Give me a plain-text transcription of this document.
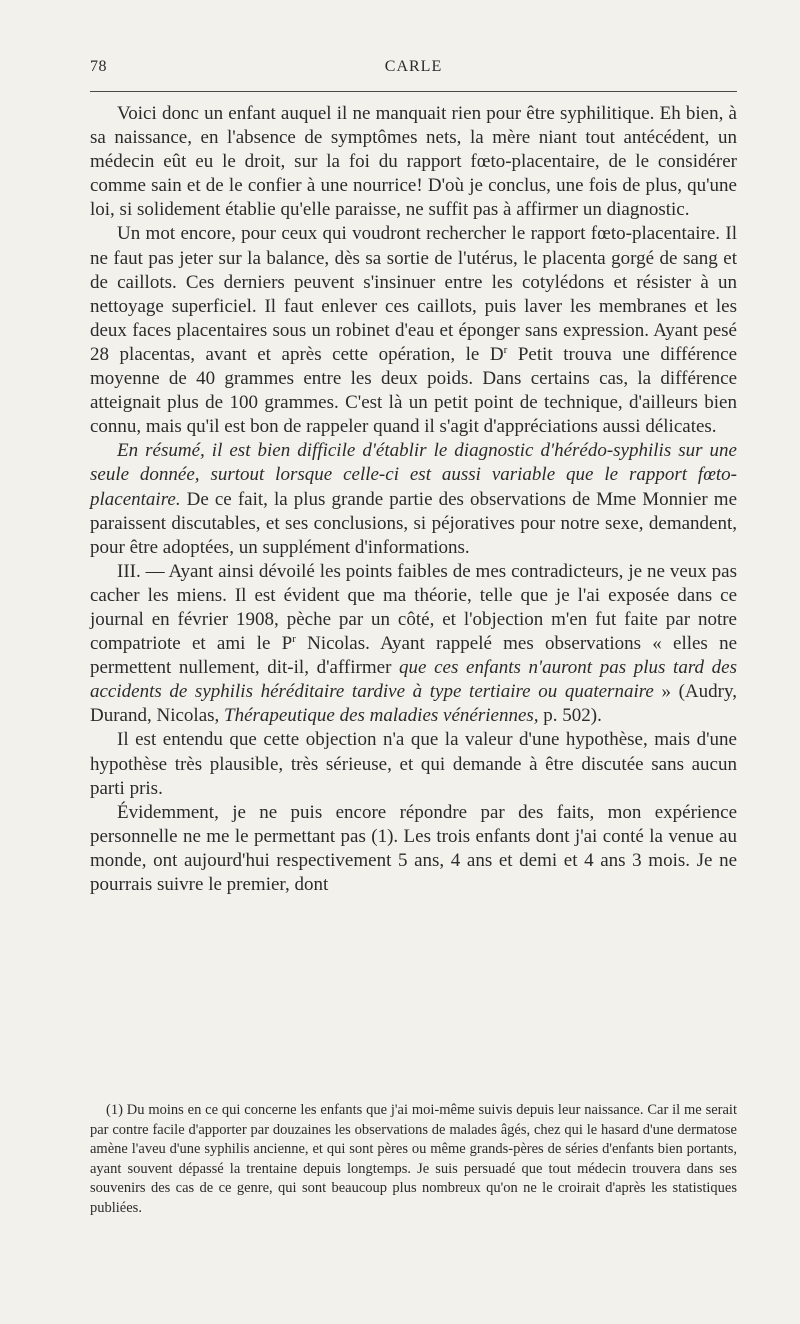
78	CARLE

Voici donc un enfant auquel il ne manquait rien pour être syphilitique. Eh bien, à sa naissance, en l'absence de symptômes nets, la mère niant tout antécédent, un médecin eût eu le droit, sur la foi du rapport fœto-placentaire, de le considérer comme sain et de le confier à une nourrice! D'où je conclus, une fois de plus, qu'une loi, si solidement établie qu'elle paraisse, ne suffit pas à affirmer un diagnostic.

Un mot encore, pour ceux qui voudront rechercher le rapport fœto-placentaire. Il ne faut pas jeter sur la balance, dès sa sortie de l'utérus, le placenta gorgé de sang et de caillots. Ces derniers peuvent s'insinuer entre les cotylédons et résister à un nettoyage superficiel. Il faut enlever ces caillots, puis laver les membranes et les deux faces placentaires sous un robinet d'eau et éponger sans expression. Ayant pesé 28 placentas, avant et après cette opération, le $D^r$ Petit trouva une différence moyenne de 40 grammes entre les deux poids. Dans certains cas, la différence atteignait plus de 100 grammes. C'est là un petit point de technique, d'ailleurs bien connu, mais qu'il est bon de rappeler quand il s'agit d'appréciations aussi délicates.

En résumé, il est bien difficile d'établir le diagnostic d'hérédo-syphilis sur une seule donnée, surtout lorsque celle-ci est aussi variable que le rapport fœto-placentaire. De ce fait, la plus grande partie des observations de Mme Monnier me paraissent discutables, et ses conclusions, si péjoratives pour notre sexe, demandent, pour être adoptées, un supplément d'informations.

III. — Ayant ainsi dévoilé les points faibles de mes contradicteurs, je ne veux pas cacher les miens. Il est évident que ma théorie, telle que je l'ai exposée dans ce journal en février 1908, pèche par un côté, et l'objection m'en fut faite par notre compatriote et ami le $P^r$ Nicolas. Ayant rappelé mes observations « elles ne permettent nullement, dit-il, d'affirmer que ces enfants n'auront pas plus tard des accidents de syphilis héréditaire tardive à type tertiaire ou quaternaire » (Audry, Durand, Nicolas, Thérapeutique des maladies vénériennes, p. 502).

Il est entendu que cette objection n'a que la valeur d'une hypothèse, mais d'une hypothèse très plausible, très sérieuse, et qui demande à être discutée sans aucun parti pris.

Évidemment, je ne puis encore répondre par des faits, mon expérience personnelle ne me le permettant pas (1). Les trois enfants dont j'ai conté la venue au monde, ont aujourd'hui respectivement 5 ans, 4 ans et demi et 4 ans 3 mois. Je ne pourrais suivre le premier, dont

(1) Du moins en ce qui concerne les enfants que j'ai moi-même suivis depuis leur naissance. Car il me serait par contre facile d'apporter par douzaines les observations de malades âgés, chez qui le hasard d'une dermatose amène l'aveu d'une syphilis ancienne, et qui sont pères ou même grands-pères de séries d'enfants bien portants, ayant souvent dépassé la trentaine depuis longtemps. Je suis persuadé que tout médecin trouvera dans ses souvenirs des cas de ce genre, qui sont beaucoup plus nombreux qu'on ne le croirait d'après les statistiques publiées.
